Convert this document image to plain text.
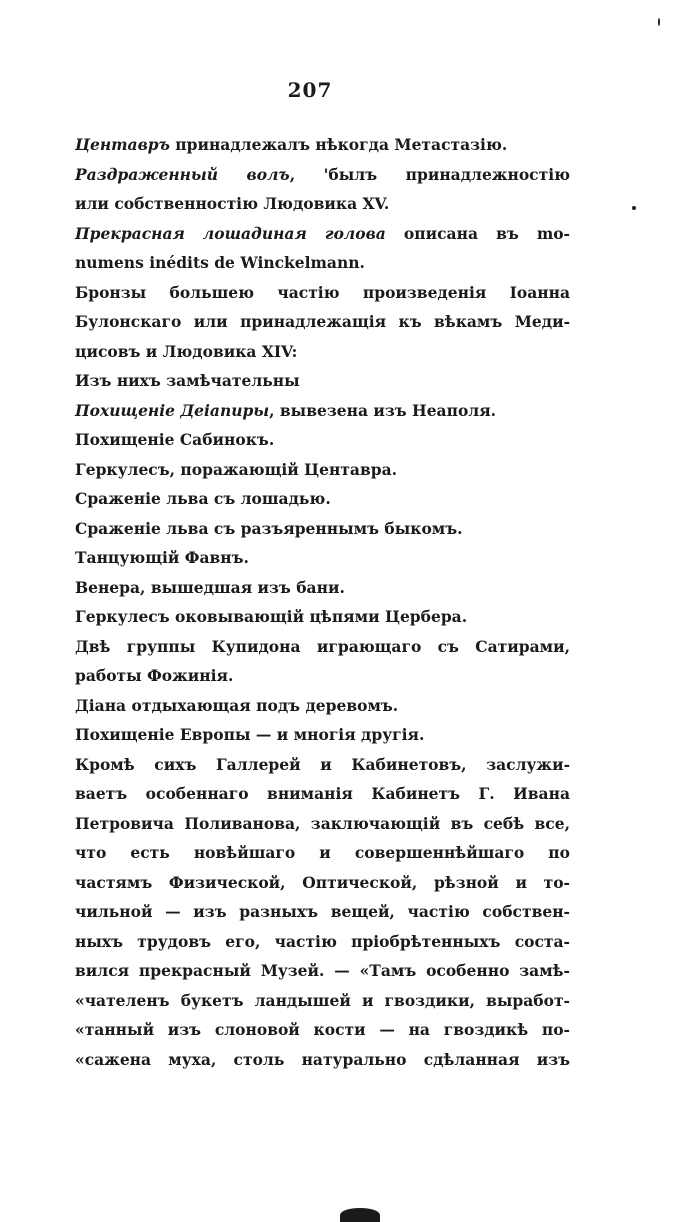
207
Центавръ принадлежалъ нѣкогда Метастазію.
Раздраженный волъ, 'былъ принадлежностію
или собственностію Людовика XV.
Прекрасная лошадиная голова описана въ mo-
numens inédits de Winckelmann.
Бронзы большею частію произведенія Іоанна
Булонскаго или принадлежащія къ вѣкамъ Меди-
цисовъ и Людовика XIV:
Изъ нихъ замѣчательны
Похищеніе Деіапиры, вывезена изъ Неаполя.
Похищеніе Сабинокъ.
Геркулесъ, поражающій Центавра.
Сраженіе льва съ лошадью.
Сраженіе льва съ разъяреннымъ быкомъ.
Танцующій Фавнъ.
Венера, вышедшая изъ бани.
Геркулесъ оковывающій цѣпями Цербера.
Двѣ группы Купидона играющаго съ Сатирами,
работы Фожинія.
Діана отдыхающая подъ деревомъ.
Похищеніе Европы — и многія другія.
Кромѣ сихъ Галлерей и Кабинетовъ, заслужи-
ваетъ особеннаго вниманія Кабинетъ Г. Ивана
Петровича Поливанова, заключающій въ себѣ все,
что есть новѣйшаго и совершеннѣйшаго по
частямъ Физической, Оптической, рѣзной и то-
чильной — изъ разныхъ вещей, частію собствен-
ныхъ трудовъ его, частію пріобрѣтенныхъ соста-
вился прекрасный Музей. — «Тамъ особенно замѣ-
«чателенъ букетъ ландышей и гвоздики, выработ-
«танный изъ слоновой кости — на гвоздикѣ по-
«сажена муха, столь натурально сдѣланная изъ
